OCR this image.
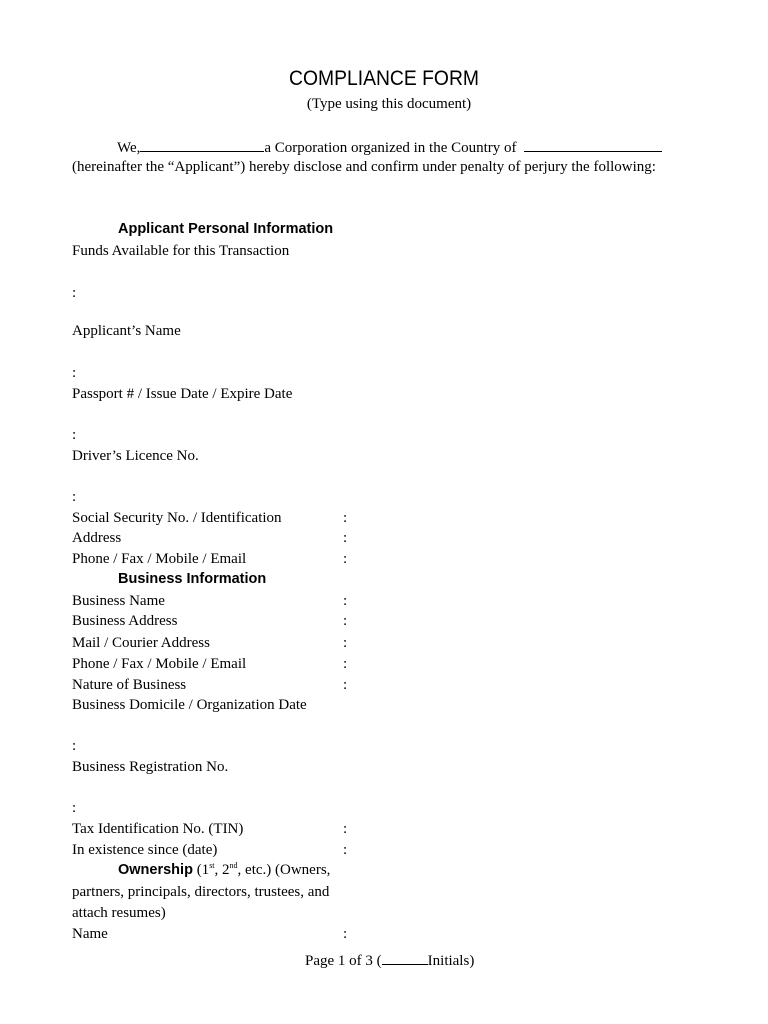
COMPLIANCE FORM
(Type using this document)
We,	a Corporation organized in the Country of
(hereinafter the “Applicant”) hereby disclose and confirm under penalty of perjury the following:
Applicant Personal Information
Funds Available for this Transaction
:
Applicant’s Name
:
Passport # / Issue Date / Expire Date
:
Driver’s Licence No.
:
Social Security No. / Identification	:
Address	:
Phone / Fax / Mobile / Email	:
Business Information
Business Name	:
Business Address	:
Mail / Courier Address	:
Phone / Fax / Mobile / Email	:
Nature of Business	:
Business Domicile / Organization Date
:
Business Registration No.
:
Tax Identification No. (TIN)	:
In existence since (date)	:
Ownership (1st, 2nd, etc.) (Owners,
partners, principals, directors, trustees, and
attach resumes)
Name	:
Page 1 of 3 (	Initials)
